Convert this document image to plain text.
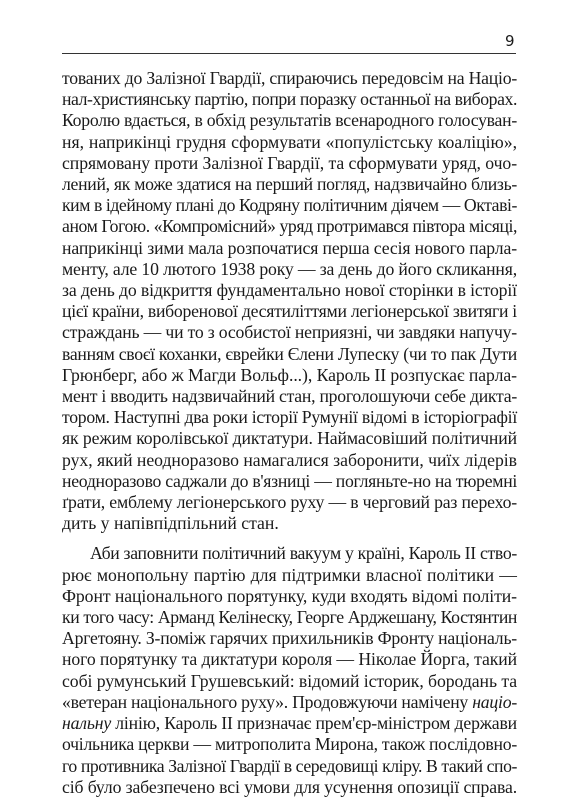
9
тованих до Залізної Гвардії, спираючись передовсім на Націо-
нал-християнську партію, попри поразку останньої на виборах.
Королю вдається, в обхід результатів всенародного голосуван-
ня, наприкінці грудня сформувати «популістську коаліцію»,
спрямовану проти Залізної Гвардії, та сформувати уряд, очо-
лений, як може здатися на перший погляд, надзвичайно близь-
ким в ідейному плані до Кодряну політичним діячем — Октаві-
аном Гогою. «Компромісний» уряд протримався півтора місяці,
наприкінці зими мала розпочатися перша сесія нового парла-
менту, але 10 лютого 1938 року — за день до його скликання,
за день до відкриття фундаментально нової сторінки в історії
цієї країни, виборенової десятиліттями легіонерської звитяги і
страждань — чи то з особистої неприязні, чи завдяки напучу-
ванням своєї коханки, єврейки Єлени Лупеску (чи то пак Дути
Грюнберг, або ж Магди Вольф...), Кароль II розпускає парла-
мент і вводить надзвичайний стан, проголошуючи себе дикта-
тором. Наступні два роки історії Румунії відомі в історіографії
як режим королівської диктатури. Наймасовіший політичний
рух, який неодноразово намагалися заборонити, чиїх лідерів
неодноразово саджали до в'язниці — погляньте-но на тюремні
ґрати, емблему легіонерського руху — в черговий раз перехо-
дить у напівпідпільний стан.
Аби заповнити політичний вакуум у країні, Кароль II ство-
рює монопольну партію для підтримки власної політики —
Фронт національного порятунку, куди входять відомі політи-
ки того часу: Арманд Келінеску, Георге Арджешану, Костянтин
Аргетояну. З-поміж гарячих прихильників Фронту національ-
ного порятунку та диктатури короля — Ніколае Йорга, такий
собі румунський Грушевський: відомий історик, бородань та
«ветеран національного руху». Продовжуючи намічену націо-
нальну лінію, Кароль II призначає прем'єр-міністром держави
очільника церкви — митрополита Мирона, також послідовно-
го противника Залізної Гвардії в середовищі кліру. В такий спо-
сіб було забезпечено всі умови для усунення опозиції справа.
